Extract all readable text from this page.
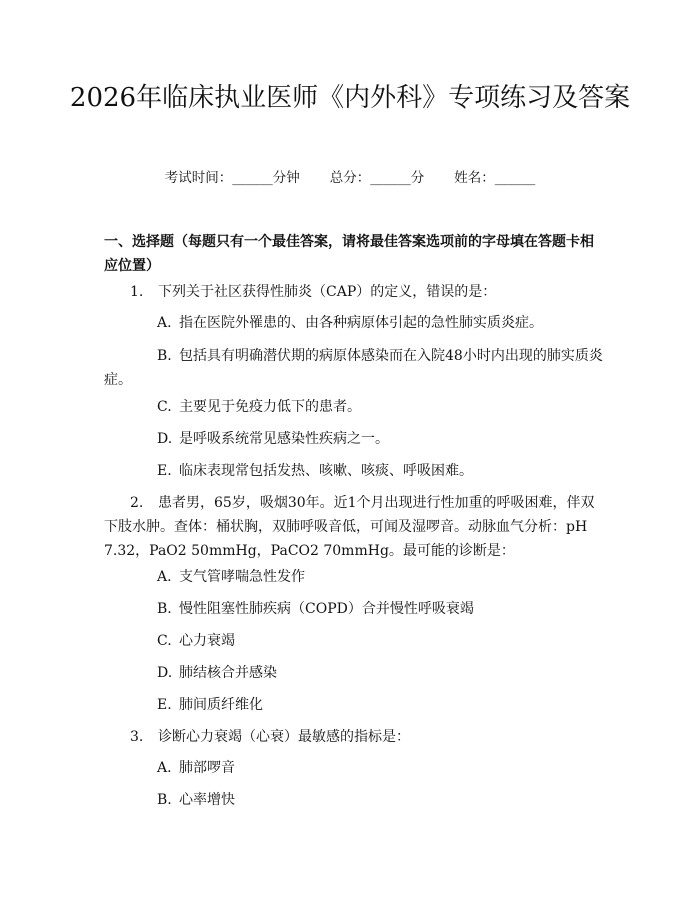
2026年临床执业医师《内外科》专项练习及答案
考试时间：______分钟 总分：______分 姓名：______

一、选择题（每题只有一个最佳答案，请将最佳答案选项前的字母填在答题卡相应位置）

1. 下列关于社区获得性肺炎（CAP）的定义，错误的是：

A. 指在医院外罹患的、由各种病原体引起的急性肺实质炎症。

B. 包括具有明确潜伏期的病原体感染而在入院48小时内出现的肺实质炎症。

C. 主要见于免疫力低下的患者。

D. 是呼吸系统常见感染性疾病之一。

E. 临床表现常包括发热、咳嗽、咳痰、呼吸困难。

2. 患者男，65岁，吸烟30年。近1个月出现进行性加重的呼吸困难，伴双下肢水肿。查体：桶状胸，双肺呼吸音低，可闻及湿啰音。动脉血气分析：pH 7.32，PaO2 50mmHg，PaCO2 70mmHg。最可能的诊断是：

A. 支气管哮喘急性发作

B. 慢性阻塞性肺疾病（COPD）合并慢性呼吸衰竭

C. 心力衰竭

D. 肺结核合并感染

E. 肺间质纤维化

3. 诊断心力衰竭（心衰）最敏感的指标是：

A. 肺部啰音

B. 心率增快
